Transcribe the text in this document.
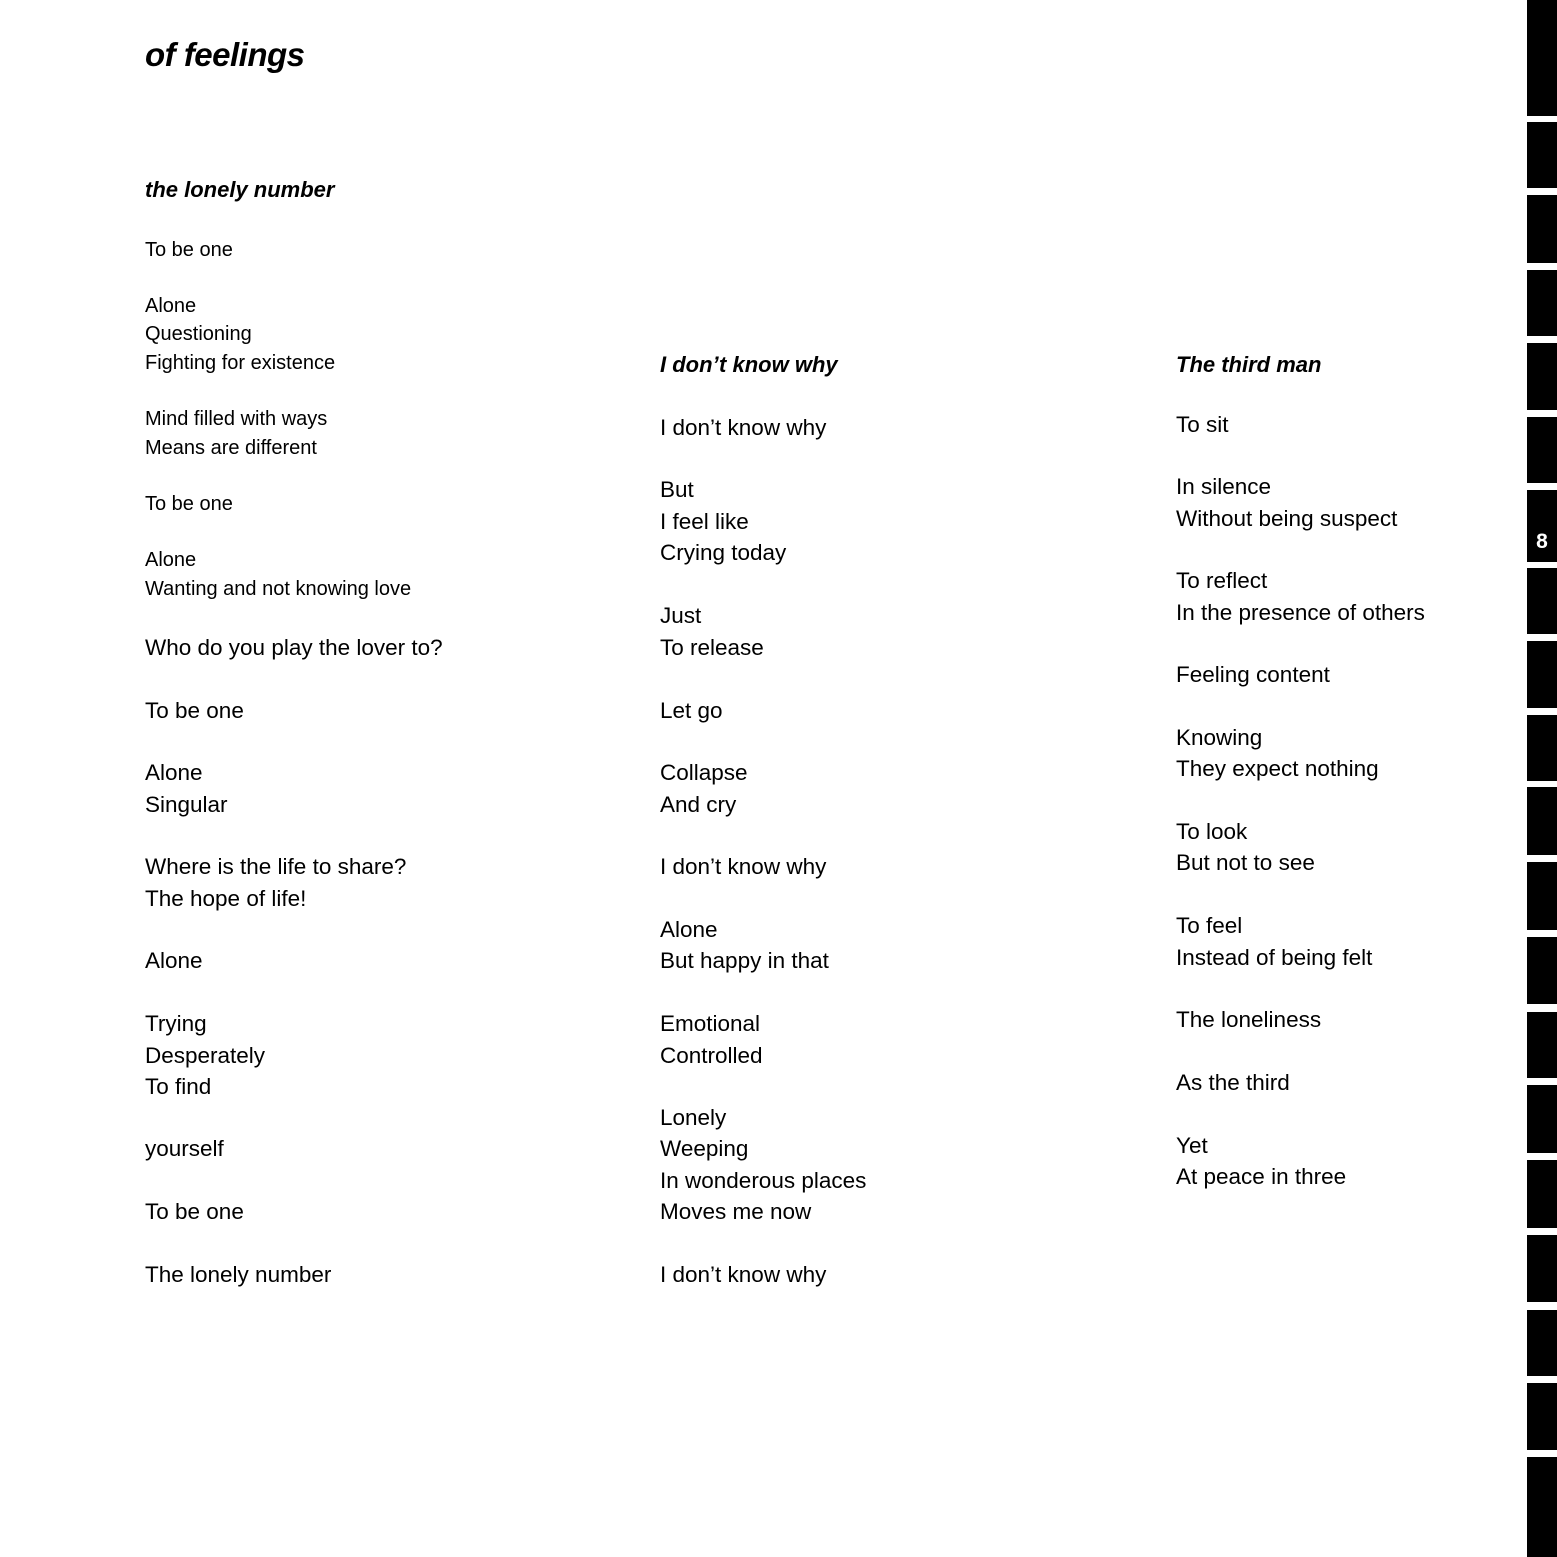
of feelings
the lonely number

To be one

Alone

Questioning

Fighting for existence

Mind filled with ways

Means are different

To be one

Alone

Wanting and not knowing love

Who do you play the lover to?

To be one

Alone

Singular

Where is the life to share?

The hope of life!

Alone

Trying

Desperately

To find

yourself

To be one

The lonely number

I don’t know why

I don’t know why

But

I feel like

Crying today

Just

To release

Let go

Collapse

And cry

I don’t know why

Alone

But happy in that

Emotional

Controlled

Lonely

Weeping

In wonderous places

Moves me now

I don’t know why

The third man

To sit

In silence

Without being suspect

To reflect

In the presence of others

Feeling content

Knowing

They expect nothing

To look

But not to see

To feel

Instead of being felt

The loneliness

As the third

Yet

At peace in three

8
